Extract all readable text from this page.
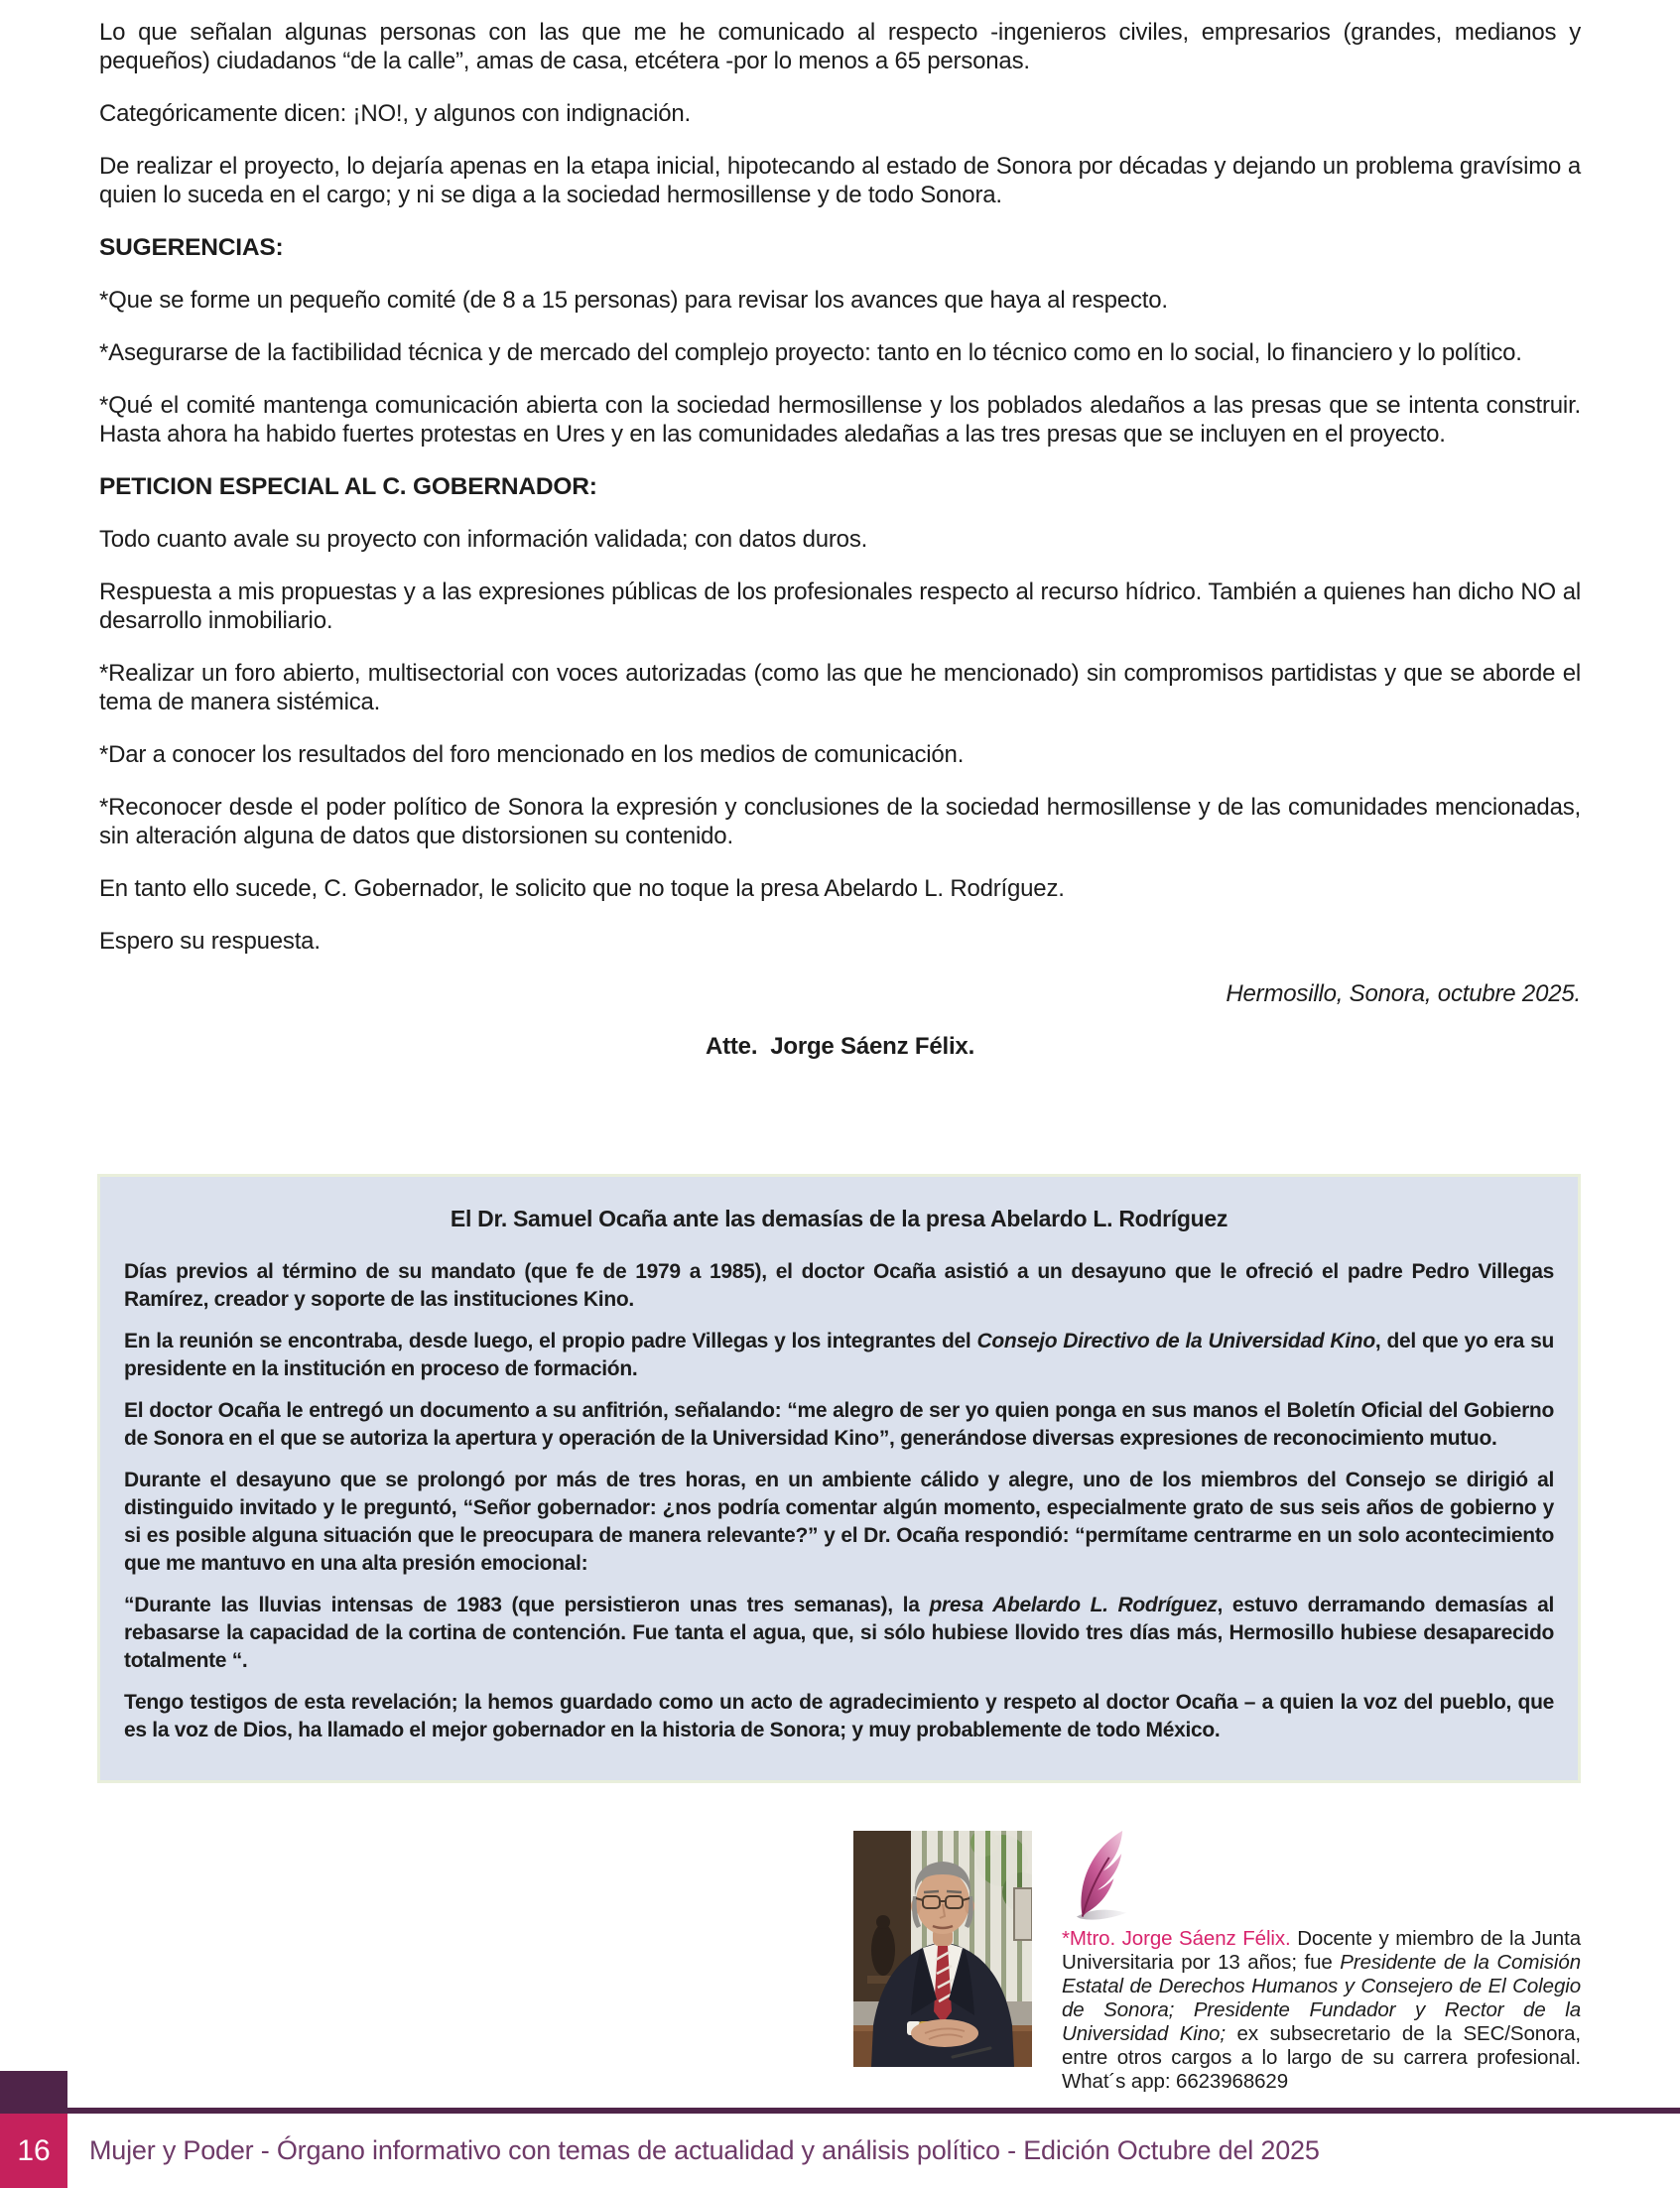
Lo que señalan algunas personas con las que me he comunicado al respecto -ingenieros civiles, empresarios (grandes, medianos y pequeños) ciudadanos “de la calle”, amas de casa, etcétera -por lo menos a 65 personas.

Categóricamente dicen: ¡NO!, y algunos con indignación.

De realizar el proyecto, lo dejaría apenas en la etapa inicial, hipotecando al estado de Sonora por décadas y dejando un problema gravísimo a quien lo suceda en el cargo; y ni se diga a la sociedad hermosillense y de todo Sonora.

SUGERENCIAS:

*Que se forme un pequeño comité (de 8 a 15 personas) para revisar los avances que haya al respecto.

*Asegurarse de la factibilidad técnica y de mercado del complejo proyecto: tanto en lo técnico como en lo social, lo financiero y lo político.

*Qué el comité mantenga comunicación abierta con la sociedad hermosillense y los poblados aledaños a las presas que se intenta construir. Hasta ahora ha habido fuertes protestas en Ures y en las comunidades aledañas a las tres presas que se incluyen en el proyecto.

PETICION ESPECIAL AL C. GOBERNADOR:

Todo cuanto avale su proyecto con información validada; con datos duros.

Respuesta a mis propuestas y a las expresiones públicas de los profesionales respecto al recurso hídrico. También a quienes han dicho NO al desarrollo inmobiliario.

*Realizar un foro abierto, multisectorial con voces autorizadas (como las que he mencionado) sin compromisos partidistas y que se aborde el tema de manera sistémica.

*Dar a conocer los resultados del foro mencionado en los medios de comunicación.

*Reconocer desde el poder político de Sonora la expresión y conclusiones de la sociedad hermosillense y de las comunidades mencionadas, sin alteración alguna de datos que distorsionen su contenido.

En tanto ello sucede, C. Gobernador, le solicito que no toque la presa Abelardo L. Rodríguez.

Espero su respuesta.

Hermosillo, Sonora, octubre 2025.

Atte.  Jorge Sáenz Félix.

El Dr. Samuel Ocaña ante las demasías de la presa Abelardo L. Rodríguez

Días previos al término de su mandato (que fe de 1979 a 1985), el doctor Ocaña asistió a un desayuno que le ofreció el padre Pedro Villegas Ramírez, creador y soporte de las instituciones Kino.

En la reunión se encontraba, desde luego, el propio padre Villegas y los integrantes del Consejo Directivo de la Universidad Kino, del que yo era su presidente en la institución en proceso de formación.

El doctor Ocaña le entregó un documento a su anfitrión, señalando: “me alegro de ser yo quien ponga en sus manos el Boletín Oficial del Gobierno de Sonora en el que se autoriza la apertura y operación de la Universidad Kino”, generándose diversas expresiones de reconocimiento mutuo.

Durante el desayuno que se prolongó por más de tres horas, en un ambiente cálido y alegre, uno de los miembros del Consejo se dirigió al distinguido invitado y le preguntó, “Señor gobernador: ¿nos podría comentar algún momento, especialmente grato de sus seis años de gobierno y si es posible alguna situación que le preocupara de manera relevante?” y el Dr. Ocaña respondió: “permítame centrarme en un solo acontecimiento que me mantuvo en una alta presión emocional:

“Durante las lluvias intensas de 1983 (que persistieron unas tres semanas), la presa Abelardo L. Rodríguez, estuvo derramando demasías al rebasarse la capacidad de la cortina de contención. Fue tanta el agua, que, si sólo hubiese llovido tres días más, Hermosillo hubiese desaparecido totalmente “.

Tengo testigos de esta revelación; la hemos guardado como un acto de agradecimiento y respeto al doctor Ocaña – a quien la voz del pueblo, que es la voz de Dios, ha llamado el mejor gobernador en la historia de Sonora; y muy probablemente de todo México.

*Mtro. Jorge Sáenz Félix. Docente y miembro de la Junta Universitaria por 13 años; fue Presidente de la Comisión Estatal de Derechos Humanos y Consejero de El Colegio de Sonora; Presidente Fundador y Rector de la Universidad Kino; ex subsecretario de la SEC/Sonora, entre otros cargos a lo largo de su carrera profesional. What´s app: 6623968629
16 Mujer y Poder - Órgano informativo con temas de actualidad y análisis político - Edición Octubre del 2025
